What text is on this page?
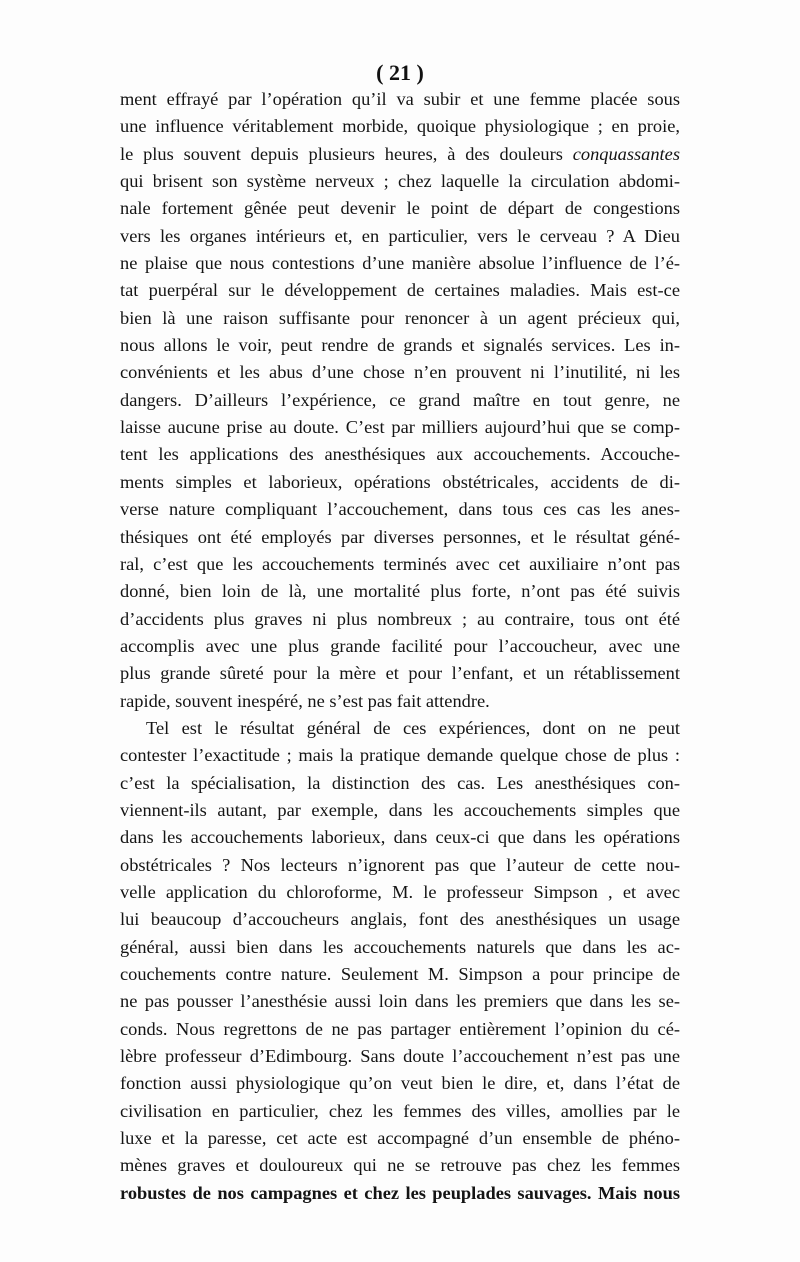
( 21 )
ment effrayé par l’opération qu’il va subir et une femme placée sous
une influence véritablement morbide, quoique physiologique ; en proie,
le plus souvent depuis plusieurs heures, à des douleurs conquassantes
qui brisent son système nerveux ; chez laquelle la circulation abdomi-
nale fortement gênée peut devenir le point de départ de congestions
vers les organes intérieurs et, en particulier, vers le cerveau ? A Dieu
ne plaise que nous contestions d’une manière absolue l’influence de l’é-
tat puerpéral sur le développement de certaines maladies. Mais est-ce
bien là une raison suffisante pour renoncer à un agent précieux qui,
nous allons le voir, peut rendre de grands et signalés services. Les in-
convénients et les abus d’une chose n’en prouvent ni l’inutilité, ni les
dangers. D’ailleurs l’expérience, ce grand maître en tout genre, ne
laisse aucune prise au doute. C’est par milliers aujourd’hui que se comp-
tent les applications des anesthésiques aux accouchements. Accouche-
ments simples et laborieux, opérations obstétricales, accidents de di-
verse nature compliquant l’accouchement, dans tous ces cas les anes-
thésiques ont été employés par diverses personnes, et le résultat géné-
ral, c’est que les accouchements terminés avec cet auxiliaire n’ont pas
donné, bien loin de là, une mortalité plus forte, n’ont pas été suivis
d’accidents plus graves ni plus nombreux ; au contraire, tous ont été
accomplis avec une plus grande facilité pour l’accoucheur, avec une
plus grande sûreté pour la mère et pour l’enfant, et un rétablissement
rapide, souvent inespéré, ne s’est pas fait attendre.
Tel est le résultat général de ces expériences, dont on ne peut
contester l’exactitude ; mais la pratique demande quelque chose de plus :
c’est la spécialisation, la distinction des cas. Les anesthésiques con-
viennent-ils autant, par exemple, dans les accouchements simples que
dans les accouchements laborieux, dans ceux-ci que dans les opérations
obstétricales ? Nos lecteurs n’ignorent pas que l’auteur de cette nou-
velle application du chloroforme, M. le professeur Simpson , et avec
lui beaucoup d’accoucheurs anglais, font des anesthésiques un usage
général, aussi bien dans les accouchements naturels que dans les ac-
couchements contre nature. Seulement M. Simpson a pour principe de
ne pas pousser l’anesthésie aussi loin dans les premiers que dans les se-
conds. Nous regrettons de ne pas partager entièrement l’opinion du cé-
lèbre professeur d’Edimbourg. Sans doute l’accouchement n’est pas une
fonction aussi physiologique qu’on veut bien le dire, et, dans l’état de
civilisation en particulier, chez les femmes des villes, amollies par le
luxe et la paresse, cet acte est accompagné d’un ensemble de phéno-
mènes graves et douloureux qui ne se retrouve pas chez les femmes
robustes de nos campagnes et chez les peuplades sauvages. Mais nous
